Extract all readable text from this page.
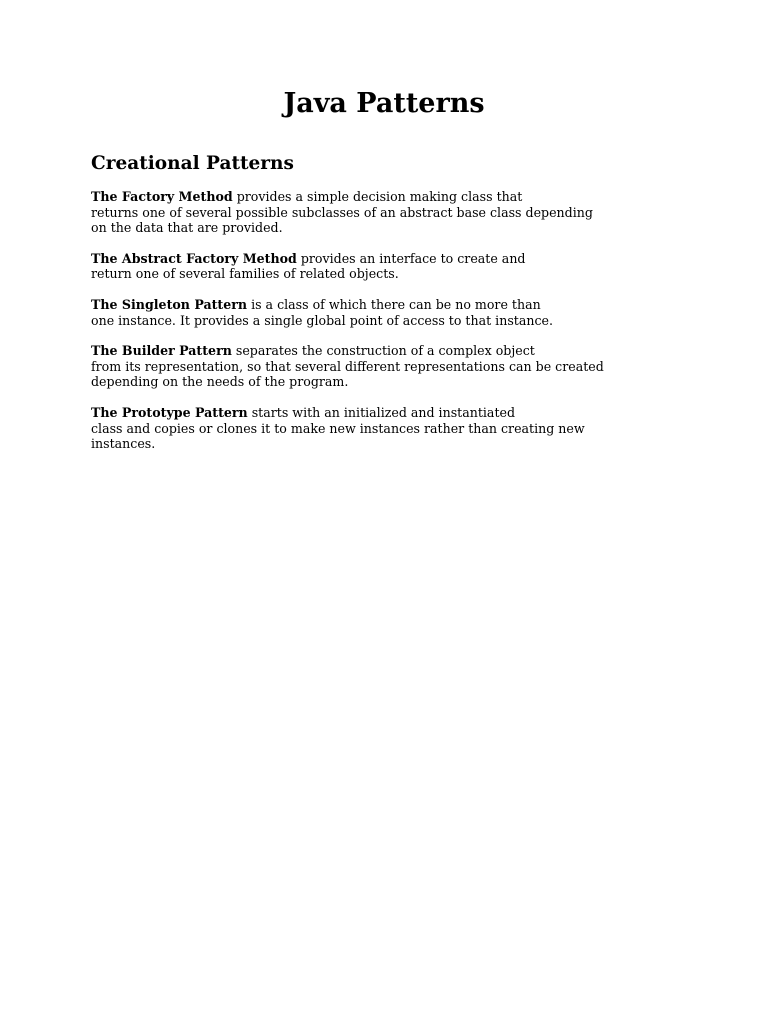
Java Patterns
Creational Patterns

The Factory Method provides a simple decision making class that
returns one of several possible subclasses of an abstract base class depending
on the data that are provided.

The Abstract Factory Method provides an interface to create and
return one of several families of related objects.

The Singleton Pattern is a class of which there can be no more than
one instance. It provides a single global point of access to that instance.

The Builder Pattern separates the construction of a complex object
from its representation, so that several different representations can be created
depending on the needs of the program.

The Prototype Pattern starts with an initialized and instantiated
class and copies or clones it to make new instances rather than creating new
instances.
